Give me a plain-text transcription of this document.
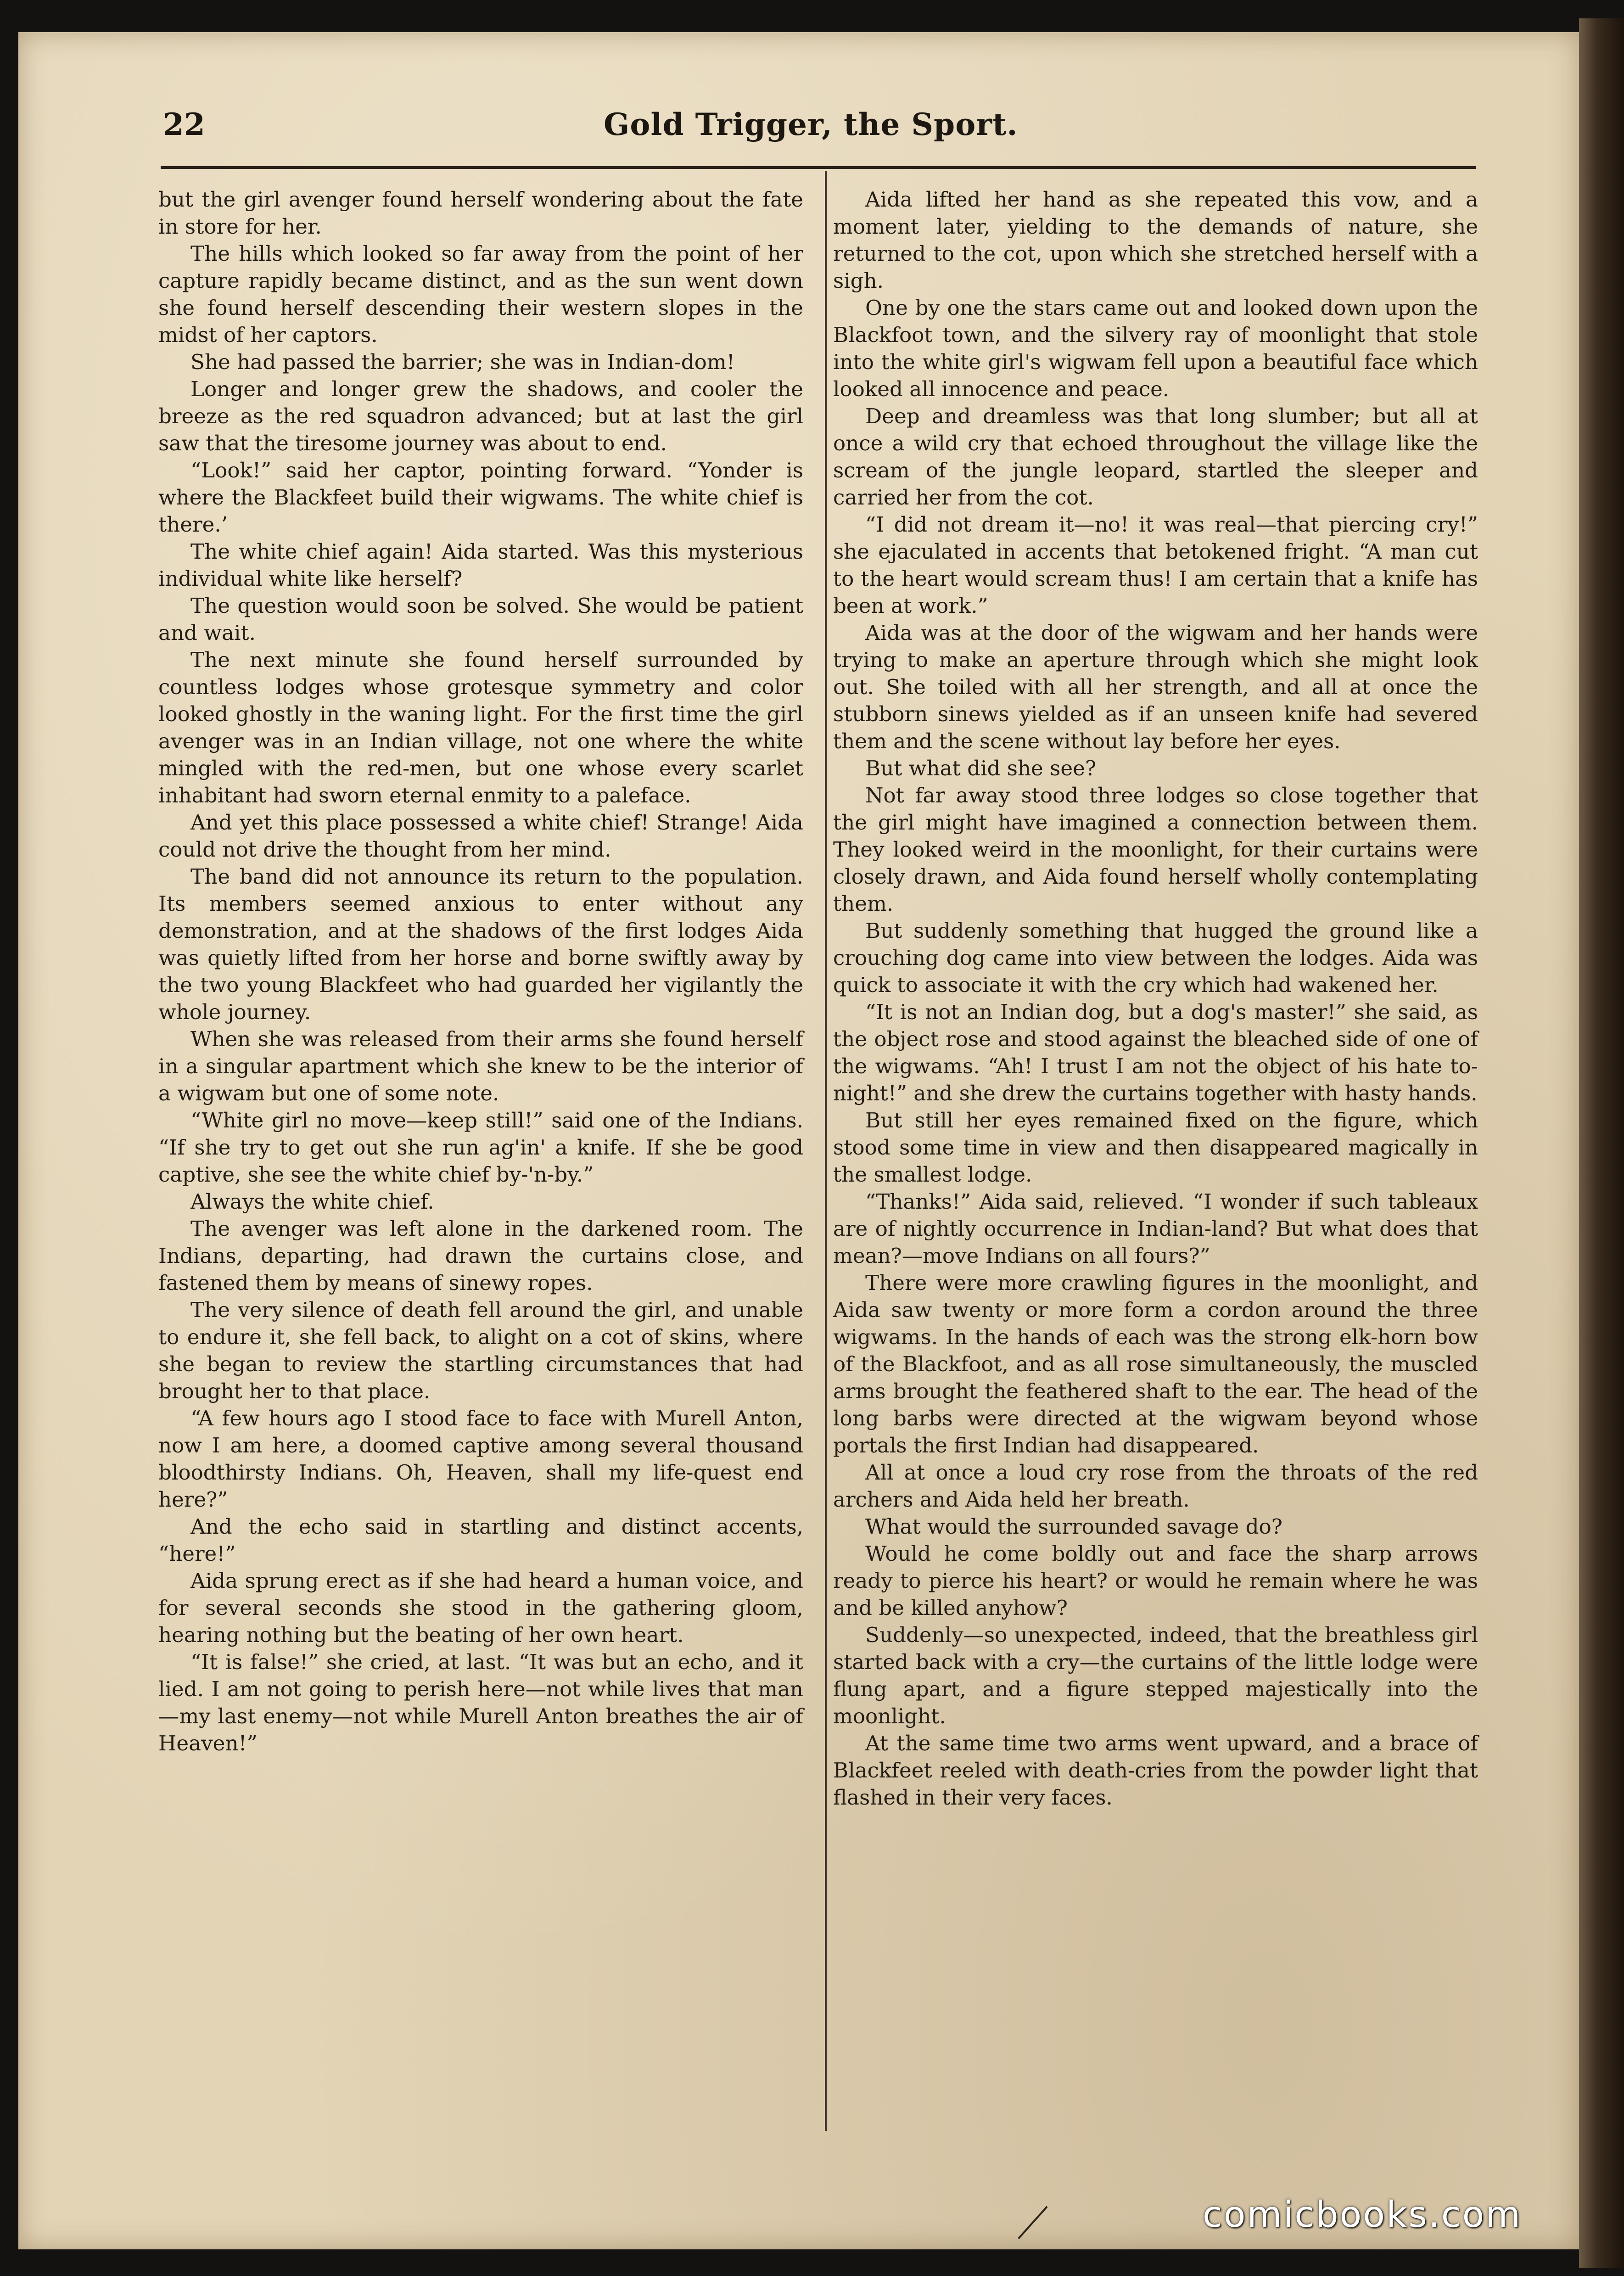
22	Gold Trigger, the Sport.

but the girl avenger found herself wondering about the fate in store for her.

The hills which looked so far away from the point of her capture rapidly became distinct, and as the sun went down she found herself descending their western slopes in the midst of her captors.

She had passed the barrier; she was in Indian-dom!

Longer and longer grew the shadows, and cooler the breeze as the red squadron advanced; but at last the girl saw that the tiresome journey was about to end.

“Look!” said her captor, pointing forward. “Yonder is where the Blackfeet build their wigwams. The white chief is there.’

The white chief again! Aida started. Was this mysterious individual white like herself?

The question would soon be solved. She would be patient and wait.

The next minute she found herself surrounded by countless lodges whose grotesque symmetry and color looked ghostly in the waning light. For the first time the girl avenger was in an Indian village, not one where the white mingled with the red-men, but one whose every scarlet inhabitant had sworn eternal enmity to a paleface.

And yet this place possessed a white chief! Strange! Aida could not drive the thought from her mind.

The band did not announce its return to the population. Its members seemed anxious to enter without any demonstration, and at the shadows of the first lodges Aida was quietly lifted from her horse and borne swiftly away by the two young Blackfeet who had guarded her vigilantly the whole journey.

When she was released from their arms she found herself in a singular apartment which she knew to be the interior of a wigwam but one of some note.

“White girl no move—keep still!” said one of the Indians. “If she try to get out she run ag'in' a knife. If she be good captive, she see the white chief by-'n-by.”

Always the white chief.

The avenger was left alone in the darkened room. The Indians, departing, had drawn the curtains close, and fastened them by means of sinewy ropes.

The very silence of death fell around the girl, and unable to endure it, she fell back, to alight on a cot of skins, where she began to review the startling circumstances that had brought her to that place.

“A few hours ago I stood face to face with Murell Anton, now I am here, a doomed captive among several thousand bloodthirsty Indians. Oh, Heaven, shall my life-quest end here?”

And the echo said in startling and distinct accents, “here!”

Aida sprung erect as if she had heard a human voice, and for several seconds she stood in the gathering gloom, hearing nothing but the beating of her own heart.

“It is false!” she cried, at last. “It was but an echo, and it lied. I am not going to perish here—not while lives that man—my last enemy—not while Murell Anton breathes the air of Heaven!”

Aida lifted her hand as she repeated this vow, and a moment later, yielding to the demands of nature, she returned to the cot, upon which she stretched herself with a sigh.

One by one the stars came out and looked down upon the Blackfoot town, and the silvery ray of moonlight that stole into the white girl's wigwam fell upon a beautiful face which looked all innocence and peace.

Deep and dreamless was that long slumber; but all at once a wild cry that echoed throughout the village like the scream of the jungle leopard, startled the sleeper and carried her from the cot.

“I did not dream it—no! it was real—that piercing cry!” she ejaculated in accents that betokened fright. “A man cut to the heart would scream thus! I am certain that a knife has been at work.”

Aida was at the door of the wigwam and her hands were trying to make an aperture through which she might look out. She toiled with all her strength, and all at once the stubborn sinews yielded as if an unseen knife had severed them and the scene without lay before her eyes.

But what did she see?

Not far away stood three lodges so close together that the girl might have imagined a connection between them. They looked weird in the moonlight, for their curtains were closely drawn, and Aida found herself wholly contemplating them.

But suddenly something that hugged the ground like a crouching dog came into view between the lodges. Aida was quick to associate it with the cry which had wakened her.

“It is not an Indian dog, but a dog's master!” she said, as the object rose and stood against the bleached side of one of the wigwams. “Ah! I trust I am not the object of his hate to-night!” and she drew the curtains together with hasty hands.

But still her eyes remained fixed on the figure, which stood some time in view and then disappeared magically in the smallest lodge.

“Thanks!” Aida said, relieved. “I wonder if such tableaux are of nightly occurrence in Indian-land? But what does that mean?—move Indians on all fours?”

There were more crawling figures in the moonlight, and Aida saw twenty or more form a cordon around the three wigwams. In the hands of each was the strong elk-horn bow of the Blackfoot, and as all rose simultaneously, the muscled arms brought the feathered shaft to the ear. The head of the long barbs were directed at the wigwam beyond whose portals the first Indian had disappeared.

All at once a loud cry rose from the throats of the red archers and Aida held her breath.

What would the surrounded savage do?

Would he come boldly out and face the sharp arrows ready to pierce his heart? or would he remain where he was and be killed anyhow?

Suddenly—so unexpected, indeed, that the breathless girl started back with a cry—the curtains of the little lodge were flung apart, and a figure stepped majestically into the moonlight.

At the same time two arms went upward, and a brace of Blackfeet reeled with death-cries from the powder light that flashed in their very faces.

comicbooks.com
